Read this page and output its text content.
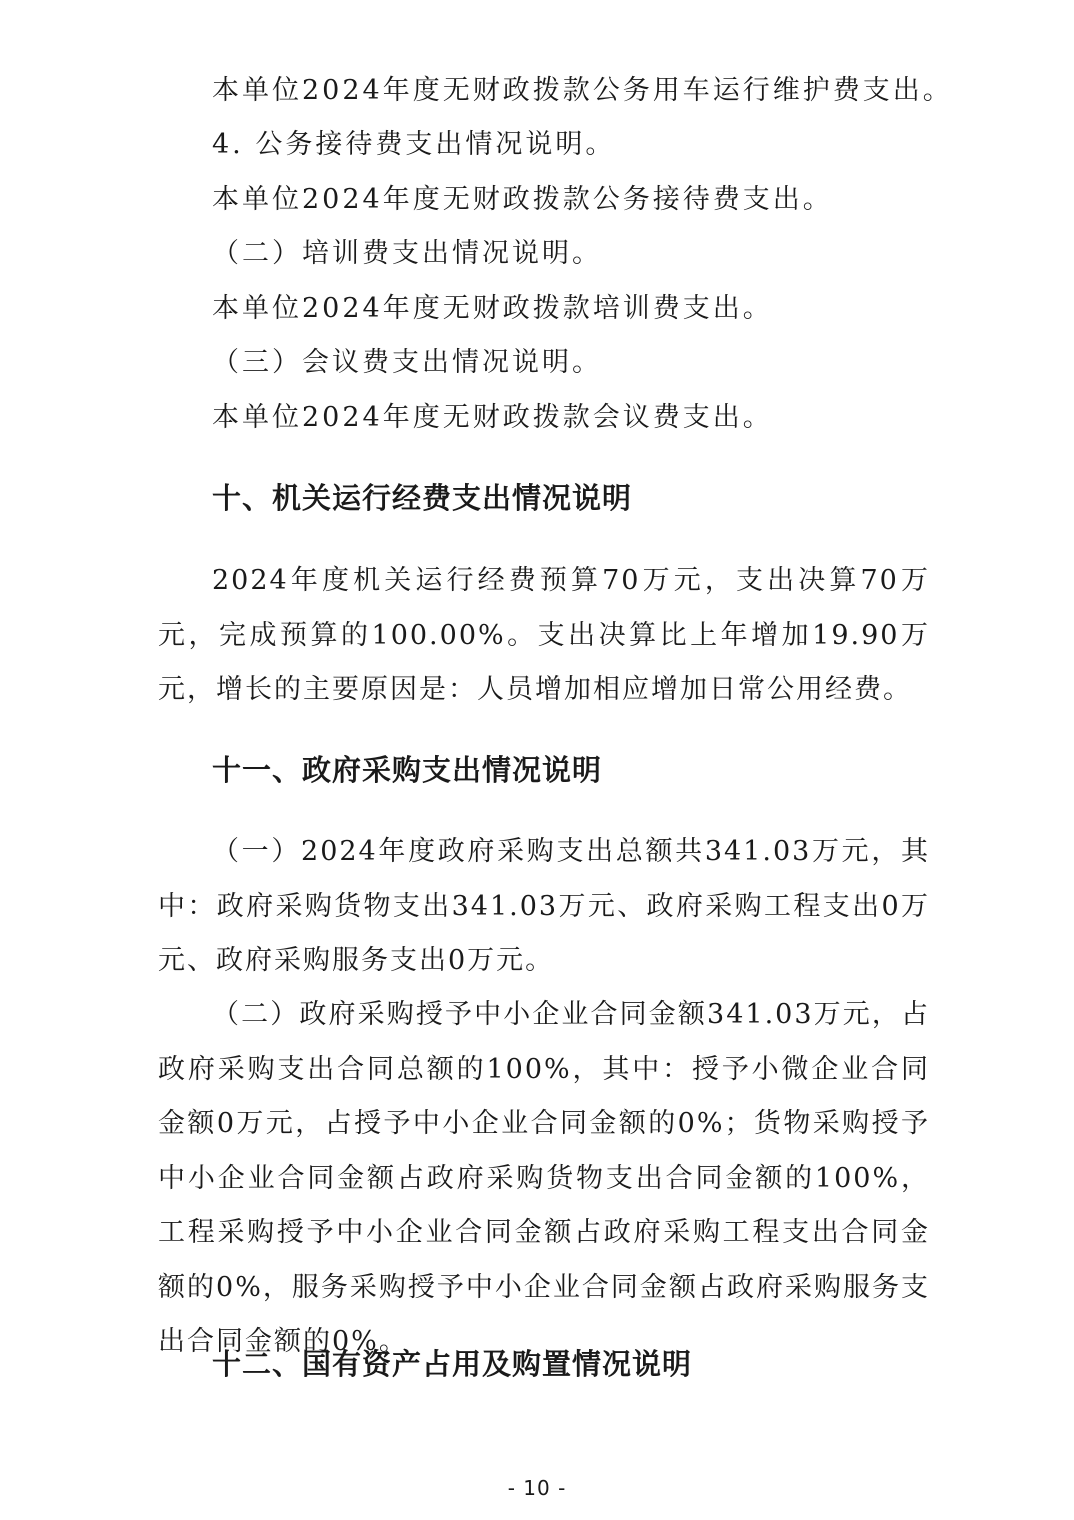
本单位2024年度无财政拨款公务用车运行维护费支出。
4. 公务接待费支出情况说明。
本单位2024年度无财政拨款公务接待费支出。
（二）培训费支出情况说明。
本单位2024年度无财政拨款培训费支出。
（三）会议费支出情况说明。
本单位2024年度无财政拨款会议费支出。
十、机关运行经费支出情况说明
2024年度机关运行经费预算70万元，支出决算70万元，完成预算的100.00%。支出决算比上年增加19.90万元，增长的主要原因是：人员增加相应增加日常公用经费。
十一、政府采购支出情况说明
（一）2024年度政府采购支出总额共341.03万元，其中：政府采购货物支出341.03万元、政府采购工程支出0万元、政府采购服务支出0万元。
（二）政府采购授予中小企业合同金额341.03万元，占政府采购支出合同总额的100%，其中：授予小微企业合同金额0万元，占授予中小企业合同金额的0%；货物采购授予中小企业合同金额占政府采购货物支出合同金额的100%，工程采购授予中小企业合同金额占政府采购工程支出合同金额的0%，服务采购授予中小企业合同金额占政府采购服务支出合同金额的0%。
十二、国有资产占用及购置情况说明
- 10 -
